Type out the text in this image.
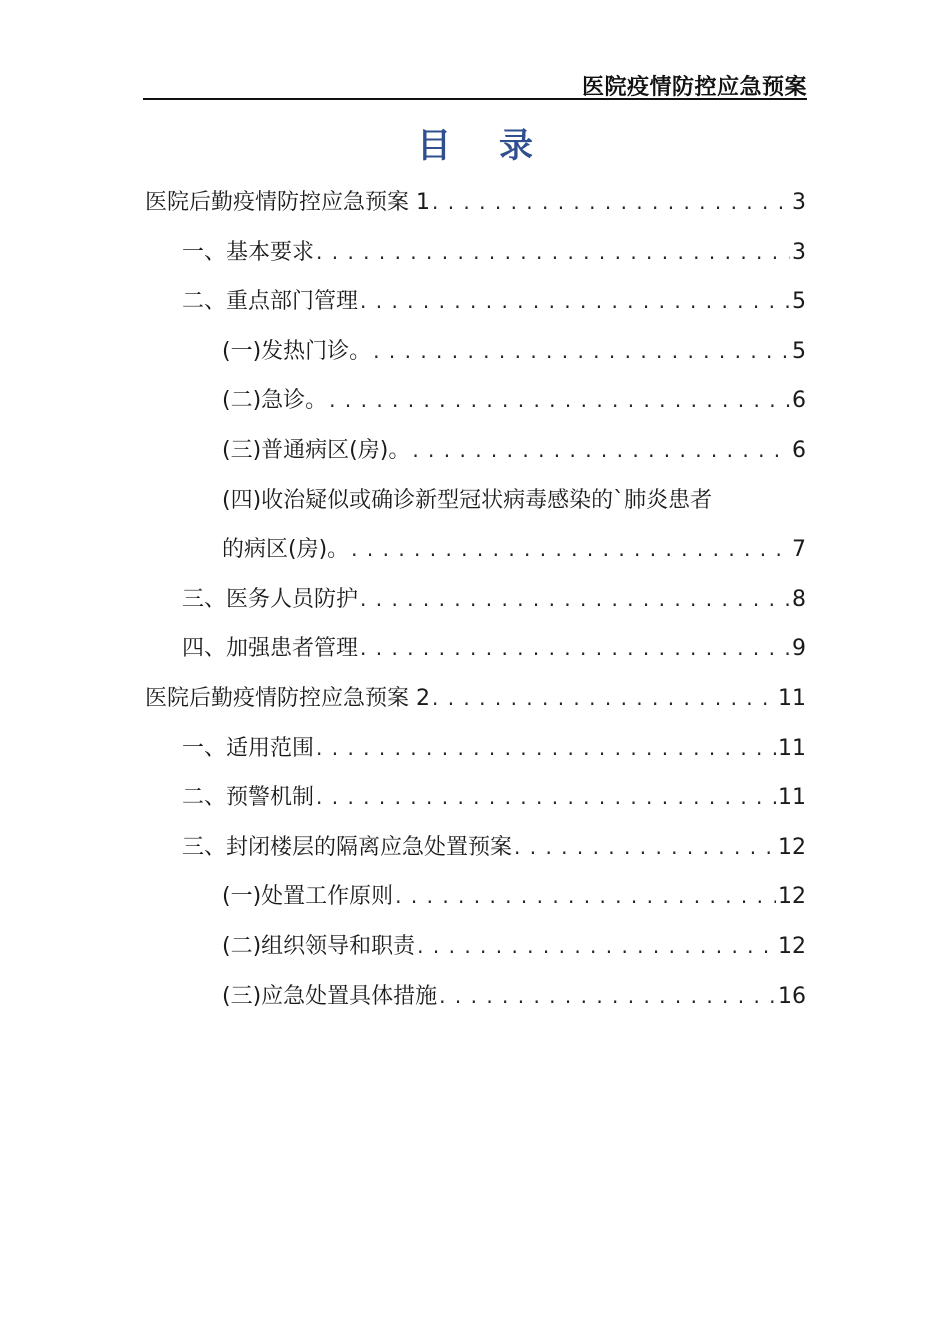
医院疫情防控应急预案
目录
医院后勤疫情防控应急预案 1 . . .	3
一、基本要求 . . .	3
二、重点部门管理 . . .	5
(一)发热门诊。 . . .	5
(二)急诊。 . . .	6
(三)普通病区(房)。 . . .	6
(四)收治疑似或确诊新型冠状病毒感染的`肺炎患者
的病区(房)。 . . .	7
三、医务人员防护 . . .	8
四、加强患者管理 . . .	9
医院后勤疫情防控应急预案 2 . . .	11
一、适用范围 . . .	11
二、预警机制 . . .	11
三、封闭楼层的隔离应急处置预案 . . .	12
(一)处置工作原则 . . .	12
(二)组织领导和职责 . . .	12
(三)应急处置具体措施 . . .	16
